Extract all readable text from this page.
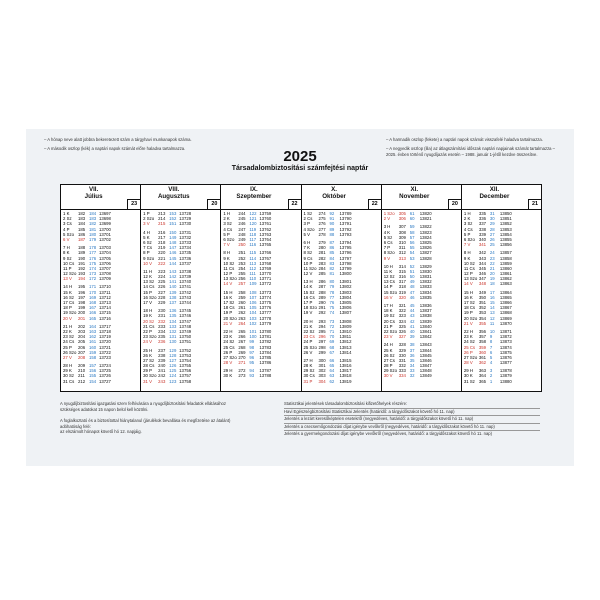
– A hónap neve alatt jobbra bekeretezett szám a tárgyhavi munkanapok száma.
– A második oszlop (kék) a naptári napok számát előre haladva tartalmazza.
– A harmadik oszlop (fekete) a naptári napok számát visszafelé haladva tartalmazza.
– A negyedik oszlop (lila) az átlagszámítási időszak naptári napjainak számát tartalmazza – 2025. évben történő nyugdíjazás esetén – 1988. január 1-jétől kezdve összesítve.
2025
Társadalombiztosítási számfejtési naptár
VII.
Július
23
1 K	182 184 13697
2 Sz	183 183 13698
3 Cs	184 182 13699
4 P	185 181 13700
5 Szo 186 180 13701
6 V	187 179 13702
7 H	188 178 13703
8 K	189 177 13704
9 Sz	190 176 13705
10 Cs 191 175 13706
11 P	192 174 13707
12 Szo 193 173 13708
13 V	194 172 13709
14 H	195 171 13710
15 K	196 170 13711
16 Sz 197 169 13712
17 Cs 198 168 13713
18 P	199 167 13714
19 Szo 200 166 13715
20 V	201 165 13716
21 H	202 164 13717
22 K	203 163 13718
23 Sz 204 162 13719
24 Cs 205 161 13720
25 P	206 160 13721
26 Szo 207 159 13722
27 V	208 158 13723
28 H	209 157 13724
29 K	210 156 13725
30 Sz 211 155 13726
31 Cs 212 154 13727
VIII.
Augusztus
20
1 P	213 153 13728
2 Szo 214 152 13729
3 V	215 151 13730
4 H	216 150 13731
5 K	217 149 13732
6 Sz	218 148 13733
7 Cs	219 147 13734
8 P	220 146 13735
9 Szo 221 145 13736
10 V	222 144 13737
11 H	223 143 13738
12 K	224 142 13739
13 Sz 225 141 13740
14 Cs 226 140 13741
15 P	227 139 13742
16 Szo 228 138 13743
17 V	229 137 13744
18 H	230 136 13745
19 K	231 135 13746
20 Sz 232 134 13747
21 Cs 233 133 13748
22 P	234 132 13749
23 Szo 235 131 13750
24 V	236 130 13751
25 H	237 129 13752
26 K	238 128 13753
27 Sz 239 127 13754
28 Cs 240 126 13755
29 P	241 125 13756
30 Szo 242 124 13757
31 V	243 123 13758
IX.
Szeptember
22
1 H	244 122 13759
2 K	245 121 13760
3 Sz	246 120 13761
4 Cs	247 119 13762
5 P	248 118 13763
6 Szo 249 117 13764
7 V	250 116 13765
8 H	251 115 13766
9 K	252 114 13767
10 Sz 253 113 13768
11 Cs 254 112 13769
12 P	255 111 13770
13 Szo 256 110 13771
14 V	257 109 13772
15 H	258 108 13773
16 K	259 107 13774
17 Sz 260 106 13775
18 Cs 261 105 13776
19 P	262 104 13777
20 Szo 263 103 13778
21 V	264 102 13779
22 H	265 101 13780
23 K	266 100 13781
24 Sz 267 99	13782
25 Cs 268 98	13783
26 P	269 97	13784
27 Szo 270 96	13785
28 V	271 95	13786
29 H	272 94	13787
30 K	273 93	13788
X.
Október
22
1 Sz	274 92	13789
2 Cs	275 91	13790
3 P	276 90	13791
4 Szo 277 89	13792
5 V	278 88	13793
6 H	279 87	13794
7 K	280 86	13795
8 Sz	281 85	13796
9 Cs	282 84	13797
10 P	283 83	13798
11 Szo 284 82	13799
12 V	285 81	13800
13 H	286 80	13801
14 K	287 79	13802
15 Sz 288 78	13803
16 Cs 289 77	13804
17 P	290 76	13805
18 Szo 291 75	13806
19 V	292 74	13807
20 H	293 73	13808
21 K	294 72	13809
22 Sz 295 71	13810
23 Cs 296 70	13811
24 P	297 69	13812
25 Szo 298 68	13813
26 V	299 67	13814
27 H	300 66	13815
28 K	301 65	13816
29 Sz 302 64	13817
30 Cs 303 63	13818
31 P	304 62	13819
XI.
November
20
1 Szo 305 61	13820
2 V	306 60	13821
3 H	307 59	13822
4 K	308 58	13823
5 Sz	309 57	13824
6 Cs	310 56	13825
7 P	311 55	13826
8 Szo 312 54	13827
9 V	313 53	13828
10 H	314 52	13829
11 K	315 51	13830
12 Sz 316 50	13831
13 Cs 317 49	13832
14 P	318 48	13833
15 Szo 319 47	13834
16 V	320 46	13835
17 H	321 45	13836
18 K	322 44	13837
19 Sz 323 43	13838
20 Cs 324 42	13839
21 P	325 41	13840
22 Szo 326 40	13841
23 V	327 39	13842
24 H	328 38	13843
25 K	329 37	13844
26 Sz 330 36	13845
27 Cs 331 35	13846
28 P	332 34	13847
29 Szo 333 33	13848
30 V	334 32	13849
XII.
December
21
1 H	335 31	13850
2 K	336 30	13851
3 Sz	337 29	13852
4 Cs	338 28	13853
5 P	339 27	13854
6 Szo 340 26	13855
7 V	341 25	13856
8 H	342 24	13857
9 K	343 23	13858
10 Sz 344 22	13859
11 Cs 345 21	13860
12 P	346 20	13861
13 Szo 347 19	13862
14 V	348 18	13863
15 H	349 17	13864
16 K	350 16	13865
17 Sz 351 15	13866
18 Cs 352 14	13867
19 P	353 13	13868
20 Szo 354 12	13869
21 V	355 11	13870
22 H	356 10	13871
23 K	357 9	13872
24 Sz 358 8	13873
25 Cs 359 7	13874
26 P	360 6	13875
27 Szo 361 5	13876
28 V	362 4	13877
29 H	363 3	13878
30 K	364 2	13879
31 Sz 365 1	13880
A nyugdíjbiztosítási igazgatási szerv felhívására a nyugdíjbiztosítási feladatok ellátásához szükséges adatokat 15 napon belül kell közölni.
A foglalkoztató és a biztosítottal hiánytalanul (járulékok bevallása és megfizetése az átalánt) adóhatóság felé:
az elszámolt hónapot követő hó 12. napjáig.
Statisztikai jelentések társadalombiztosítási kifizetőhelyek részére:
Havi Egészségbiztosítási Statisztikai Jelentés (határidő: a tárgyidőszakot követő hó 11. nap)
Jelentés a lezárt keresőképtelen esetekről (negyedéves, határidő: a tárgyidőszakot követő hó 11. nap)
Jelentés a csecsemőgondozási díjat igénybe vevőkről (negyedéves, határidő: a tárgyidőszakot követő hó 11. nap)
Jelentés a gyermekgondozási díjat igénybe vevőkről (negyedéves, határidő: a tárgyidőszakot követő hó 11. nap)
